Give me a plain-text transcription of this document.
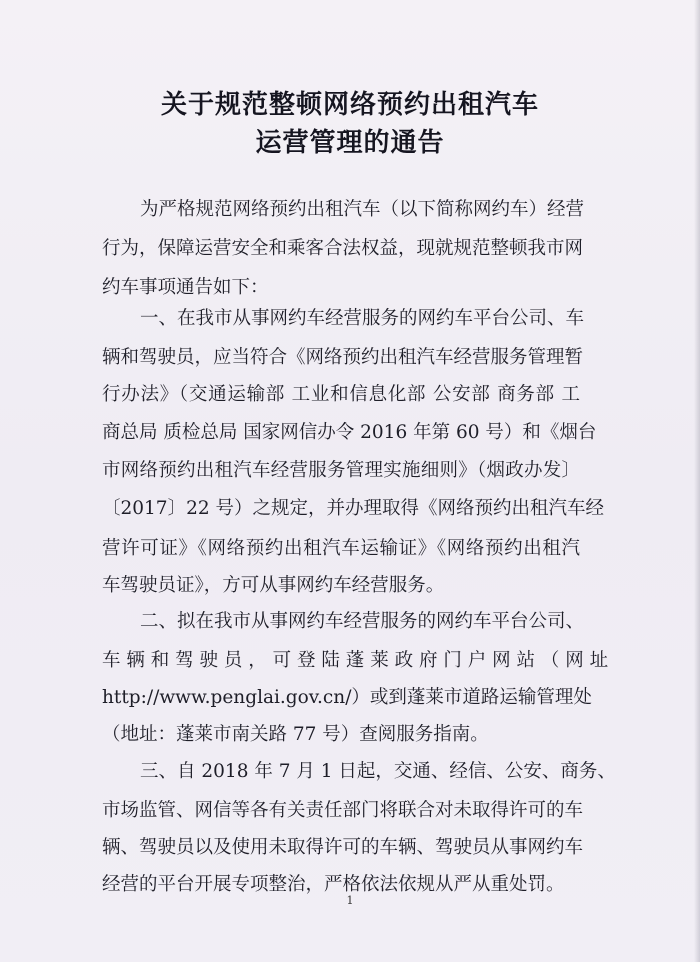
关于规范整顿网络预约出租汽车
运营管理的通告
为严格规范网络预约出租汽车（以下简称网约车）经营
行为，保障运营安全和乘客合法权益，现就规范整顿我市网
约车事项通告如下：
一、在我市从事网约车经营服务的网约车平台公司、车
辆和驾驶员，应当符合《网络预约出租汽车经营服务管理暂
行办法》（交通运输部 工业和信息化部 公安部 商务部 工
商总局 质检总局 国家网信办令 2016 年第 60 号）和《烟台
市网络预约出租汽车经营服务管理实施细则》（烟政办发〕
〔2017〕22 号）之规定，并办理取得《网络预约出租汽车经
营许可证》《网络预约出租汽车运输证》《网络预约出租汽
车驾驶员证》，方可从事网约车经营服务。
二、拟在我市从事网约车经营服务的网约车平台公司、
车 辆 和 驾 驶 员 ， 可 登 陆 蓬 莱 政 府 门 户 网 站 （ 网 址
http://www.penglai.gov.cn/）或到蓬莱市道路运输管理处
（地址：蓬莱市南关路 77 号）查阅服务指南。
三、自 2018 年 7 月 1 日起，交通、经信、公安、商务、
市场监管、网信等各有关责任部门将联合对未取得许可的车
辆、驾驶员以及使用未取得许可的车辆、驾驶员从事网约车
经营的平台开展专项整治，严格依法依规从严从重处罚。
1
